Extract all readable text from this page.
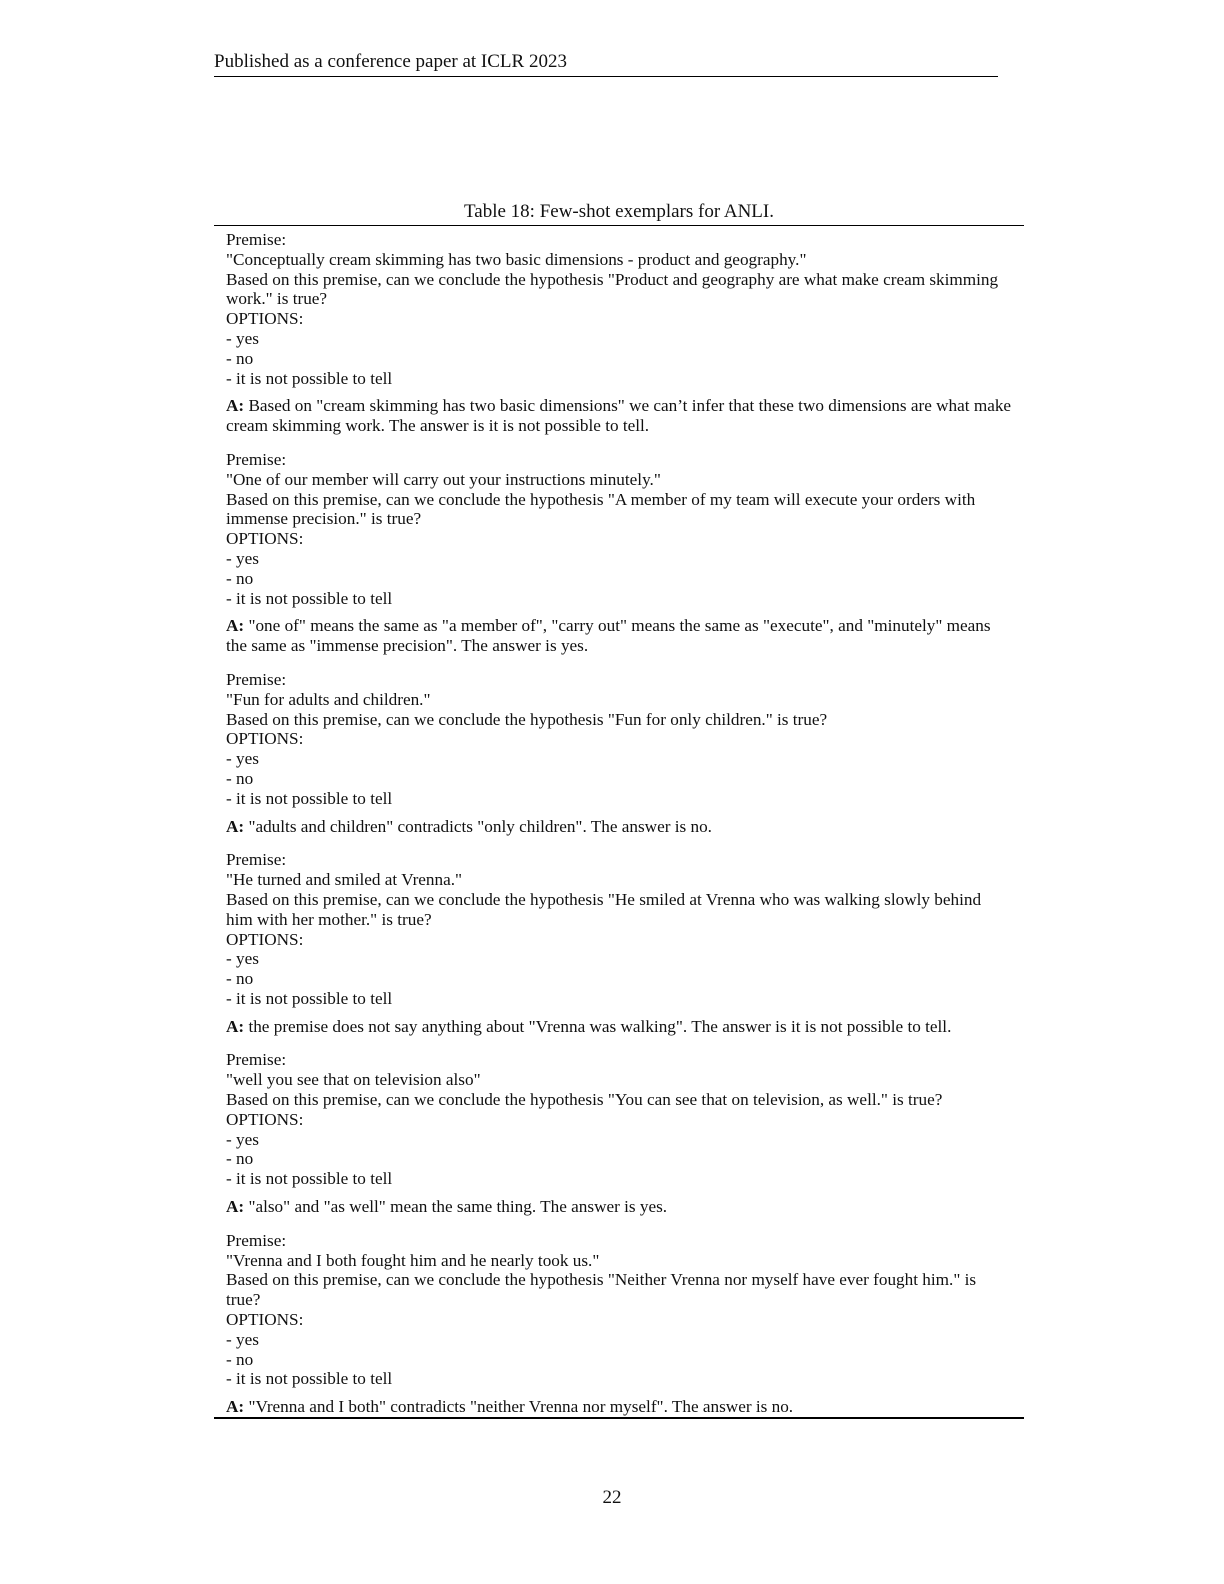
Published as a conference paper at ICLR 2023
Table 18: Few-shot exemplars for ANLI.
Premise:
"Conceptually cream skimming has two basic dimensions - product and geography."
Based on this premise, can we conclude the hypothesis "Product and geography are what make cream skimming work." is true?
OPTIONS:
- yes
- no
- it is not possible to tell
A: Based on "cream skimming has two basic dimensions" we can’t infer that these two dimensions are what make cream skimming work. The answer is it is not possible to tell.
Premise:
"One of our member will carry out your instructions minutely."
Based on this premise, can we conclude the hypothesis "A member of my team will execute your orders with immense precision." is true?
OPTIONS:
- yes
- no
- it is not possible to tell
A: "one of" means the same as "a member of", "carry out" means the same as "execute", and "minutely" means the same as "immense precision". The answer is yes.
Premise:
"Fun for adults and children."
Based on this premise, can we conclude the hypothesis "Fun for only children." is true?
OPTIONS:
- yes
- no
- it is not possible to tell
A: "adults and children" contradicts "only children". The answer is no.
Premise:
"He turned and smiled at Vrenna."
Based on this premise, can we conclude the hypothesis "He smiled at Vrenna who was walking slowly behind him with her mother." is true?
OPTIONS:
- yes
- no
- it is not possible to tell
A: the premise does not say anything about "Vrenna was walking". The answer is it is not possible to tell.
Premise:
"well you see that on television also"
Based on this premise, can we conclude the hypothesis "You can see that on television, as well." is true?
OPTIONS:
- yes
- no
- it is not possible to tell
A: "also" and "as well" mean the same thing. The answer is yes.
Premise:
"Vrenna and I both fought him and he nearly took us."
Based on this premise, can we conclude the hypothesis "Neither Vrenna nor myself have ever fought him." is true?
OPTIONS:
- yes
- no
- it is not possible to tell
A: "Vrenna and I both" contradicts "neither Vrenna nor myself". The answer is no.
22
